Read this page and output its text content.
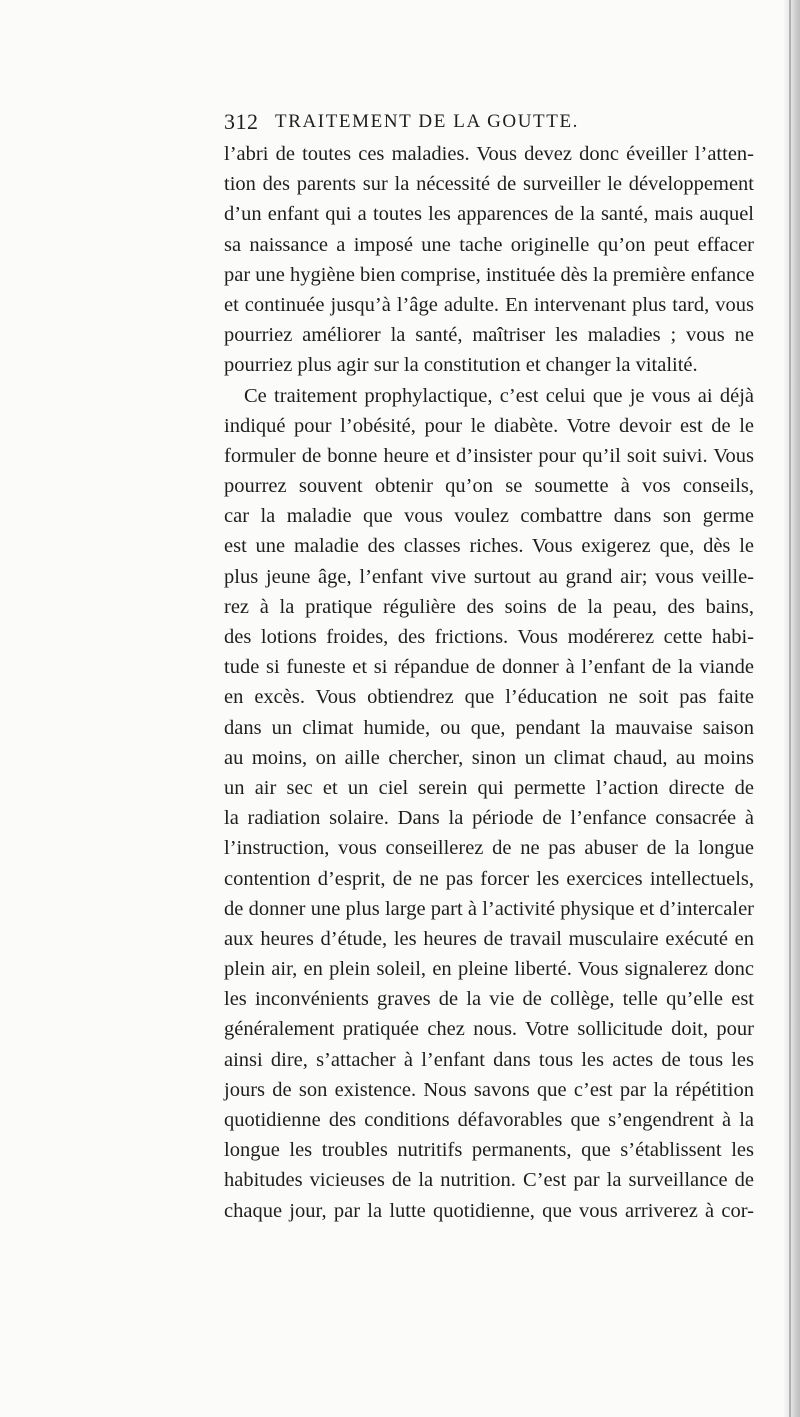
312 TRAITEMENT DE LA GOUTTE.
l’abri de toutes ces maladies. Vous devez donc éveiller l’atten-
tion des parents sur la nécessité de surveiller le développement
d’un enfant qui a toutes les apparences de la santé, mais auquel
sa naissance a imposé une tache originelle qu’on peut effacer
par une hygiène bien comprise, instituée dès la première enfance
et continuée jusqu’à l’âge adulte. En intervenant plus tard, vous
pourriez améliorer la santé, maîtriser les maladies ; vous ne
pourriez plus agir sur la constitution et changer la vitalité.
Ce traitement prophylactique, c’est celui que je vous ai déjà
indiqué pour l’obésité, pour le diabète. Votre devoir est de le
formuler de bonne heure et d’insister pour qu’il soit suivi. Vous
pourrez souvent obtenir qu’on se soumette à vos conseils,
car la maladie que vous voulez combattre dans son germe
est une maladie des classes riches. Vous exigerez que, dès le
plus jeune âge, l’enfant vive surtout au grand air; vous veille-
rez à la pratique régulière des soins de la peau, des bains,
des lotions froides, des frictions. Vous modérerez cette habi-
tude si funeste et si répandue de donner à l’enfant de la viande
en excès. Vous obtiendrez que l’éducation ne soit pas faite
dans un climat humide, ou que, pendant la mauvaise saison
au moins, on aille chercher, sinon un climat chaud, au moins
un air sec et un ciel serein qui permette l’action directe de
la radiation solaire. Dans la période de l’enfance consacrée à
l’instruction, vous conseillerez de ne pas abuser de la longue
contention d’esprit, de ne pas forcer les exercices intellectuels,
de donner une plus large part à l’activité physique et d’intercaler
aux heures d’étude, les heures de travail musculaire exécuté en
plein air, en plein soleil, en pleine liberté. Vous signalerez donc
les inconvénients graves de la vie de collège, telle qu’elle est
généralement pratiquée chez nous. Votre sollicitude doit, pour
ainsi dire, s’attacher à l’enfant dans tous les actes de tous les
jours de son existence. Nous savons que c’est par la répétition
quotidienne des conditions défavorables que s’engendrent à la
longue les troubles nutritifs permanents, que s’établissent les
habitudes vicieuses de la nutrition. C’est par la surveillance de
chaque jour, par la lutte quotidienne, que vous arriverez à cor-
